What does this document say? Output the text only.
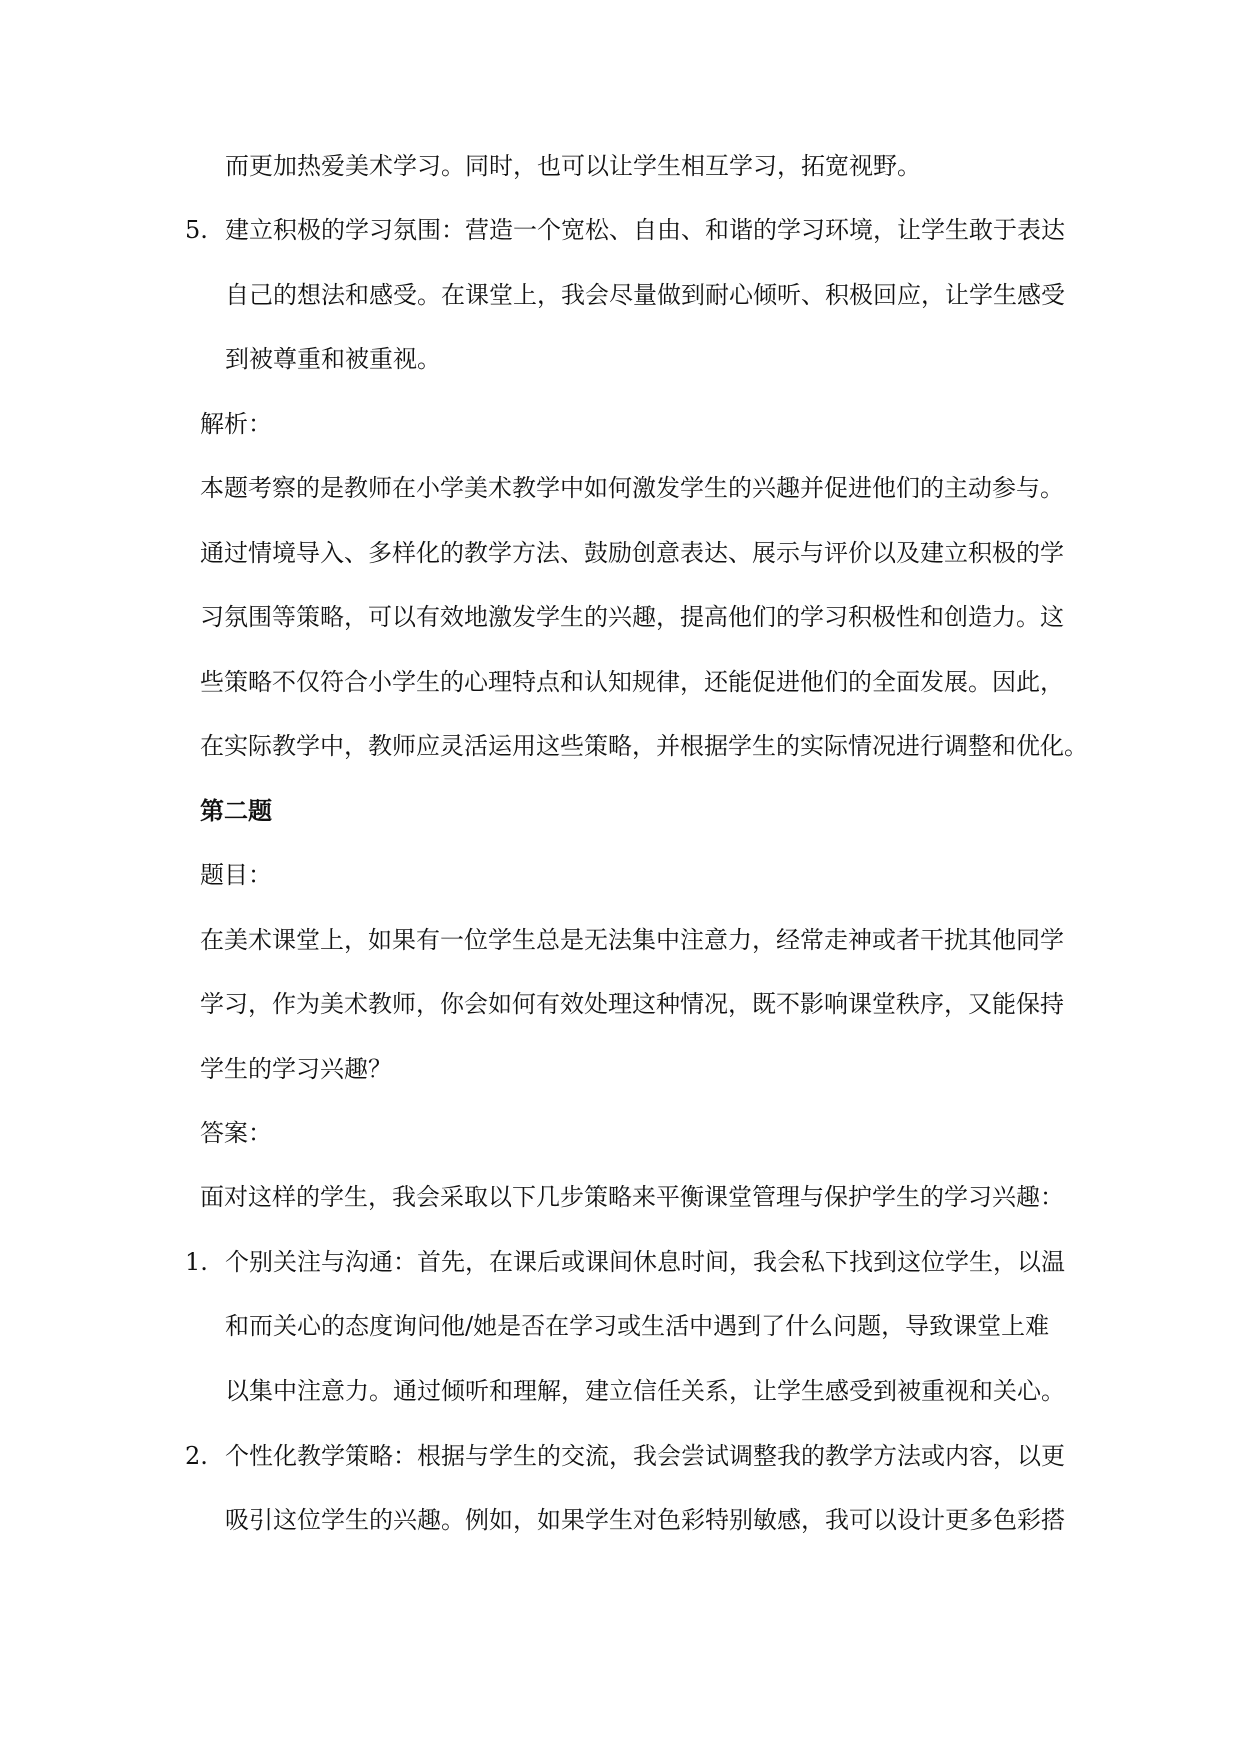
而更加热爱美术学习。同时，也可以让学生相互学习，拓宽视野。
5. 建立积极的学习氛围：营造一个宽松、自由、和谐的学习环境，让学生敢于表达
自己的想法和感受。在课堂上，我会尽量做到耐心倾听、积极回应，让学生感受
到被尊重和被重视。
解析：
本题考察的是教师在小学美术教学中如何激发学生的兴趣并促进他们的主动参与。
通过情境导入、多样化的教学方法、鼓励创意表达、展示与评价以及建立积极的学
习氛围等策略，可以有效地激发学生的兴趣，提高他们的学习积极性和创造力。这
些策略不仅符合小学生的心理特点和认知规律，还能促进他们的全面发展。因此，
在实际教学中，教师应灵活运用这些策略，并根据学生的实际情况进行调整和优化。
第二题
题目：
在美术课堂上，如果有一位学生总是无法集中注意力，经常走神或者干扰其他同学
学习，作为美术教师，你会如何有效处理这种情况，既不影响课堂秩序，又能保持
学生的学习兴趣？
答案：
面对这样的学生，我会采取以下几步策略来平衡课堂管理与保护学生的学习兴趣：
1. 个别关注与沟通：首先，在课后或课间休息时间，我会私下找到这位学生，以温
和而关心的态度询问他/她是否在学习或生活中遇到了什么问题，导致课堂上难
以集中注意力。通过倾听和理解，建立信任关系，让学生感受到被重视和关心。
2. 个性化教学策略：根据与学生的交流，我会尝试调整我的教学方法或内容，以更
吸引这位学生的兴趣。例如，如果学生对色彩特别敏感，我可以设计更多色彩搭
